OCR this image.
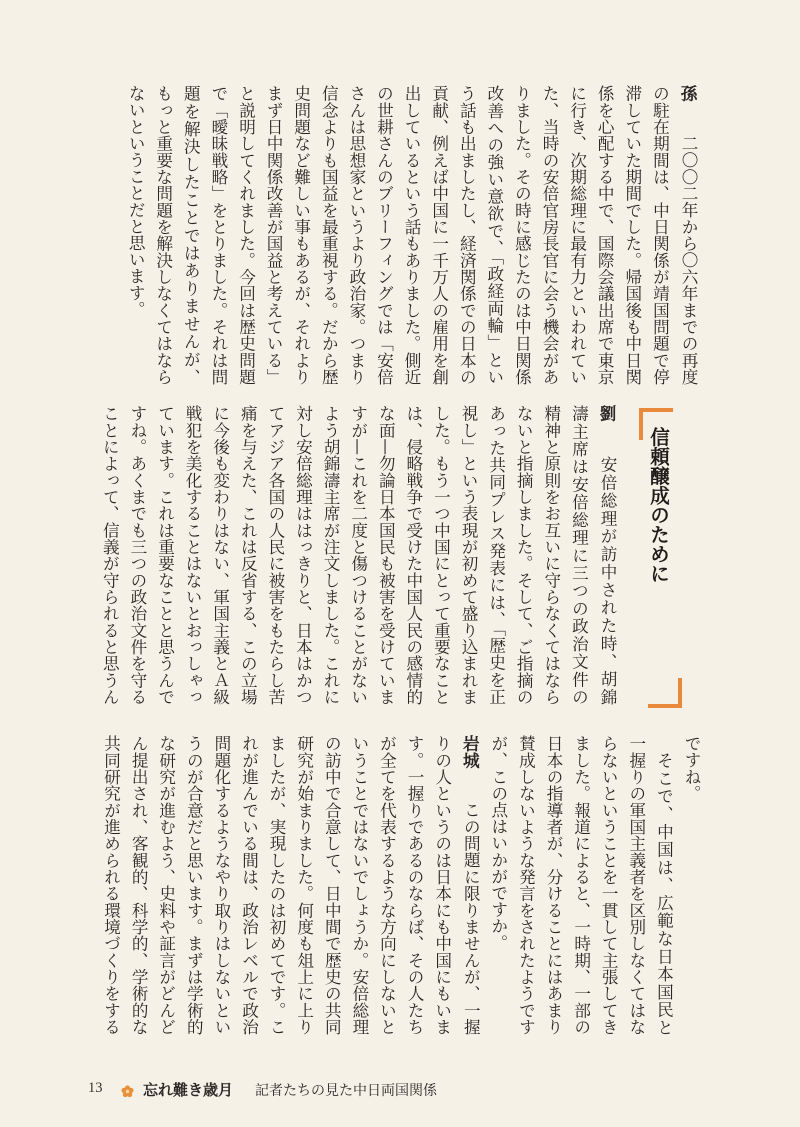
孫二〇〇二年から〇六年までの再度
の駐在期間は、中日関係が靖国問題で停
滞していた期間でした。帰国後も中日関
係を心配する中で、国際会議出席で東京
に行き、次期総理に最有力といわれてい
た、当時の安倍官房長官に会う機会があ
りました。その時に感じたのは中日関係
改善への強い意欲で、「政経両輪」とい
う話も出ましたし、経済関係での日本の
貢献、例えば中国に一千万人の雇用を創
出しているという話もありました。側近
の世耕さんのブリーフィングでは「安倍
さんは思想家というより政治家。つまり
信念よりも国益を最重視する。だから歴
史問題など難しい事もあるが、それより
まず日中関係改善が国益と考えている」
と説明してくれました。今回は歴史問題
で「曖昧戦略」をとりました。それは問
題を解決したことではありませんが、
もっと重要な問題を解決しなくてはなら
ないということだと思います。
信頼醸成のために
劉安倍総理が訪中された時、胡錦
濤主席は安倍総理に三つの政治文件の
精神と原則をお互いに守らなくてはなら
ないと指摘しました。そして、ご指摘の
あった共同プレス発表には、「歴史を正
視し」という表現が初めて盛り込まれま
した。もう一つ中国にとって重要なこと
は、侵略戦争で受けた中国人民の感情的
な面—勿論日本国民も被害を受けていま
すが—これを二度と傷つけることがない
よう胡錦濤主席が注文しました。これに
対し安倍総理ははっきりと、日本はかつ
てアジア各国の人民に被害をもたらし苦
痛を与えた、これは反省する、この立場
に今後も変わりはない、軍国主義とＡ級
戦犯を美化することはないとおっしゃっ
ています。これは重要なことと思うんで
すね。あくまでも三つの政治文件を守る
ことによって、信義が守られると思うん
ですね。
そこで、中国は、広範な日本国民と
一握りの軍国主義者を区別しなくてはな
らないということを一貫して主張してき
ました。報道によると、一時期、一部の
日本の指導者が、分けることにはあまり
賛成しないような発言をされたようです
が、この点はいかがですか。
岩城この問題に限りませんが、一握
りの人というのは日本にも中国にもいま
す。一握りであるのならば、その人たち
が全てを代表するような方向にしないと
いうことではないでしょうか。安倍総理
の訪中で合意して、日中間で歴史の共同
研究が始まりました。何度も俎上に上り
ましたが、実現したのは初めてです。こ
れが進んでいる間は、政治レベルで政治
問題化するようなやり取りはしないとい
うのが合意だと思います。まずは学術的
な研究が進むよう、史料や証言がどんど
ん提出され、客観的、科学的、学術的な
共同研究が進められる環境づくりをする
13	忘れ難き歳月 記者たちの見た中日両国関係
